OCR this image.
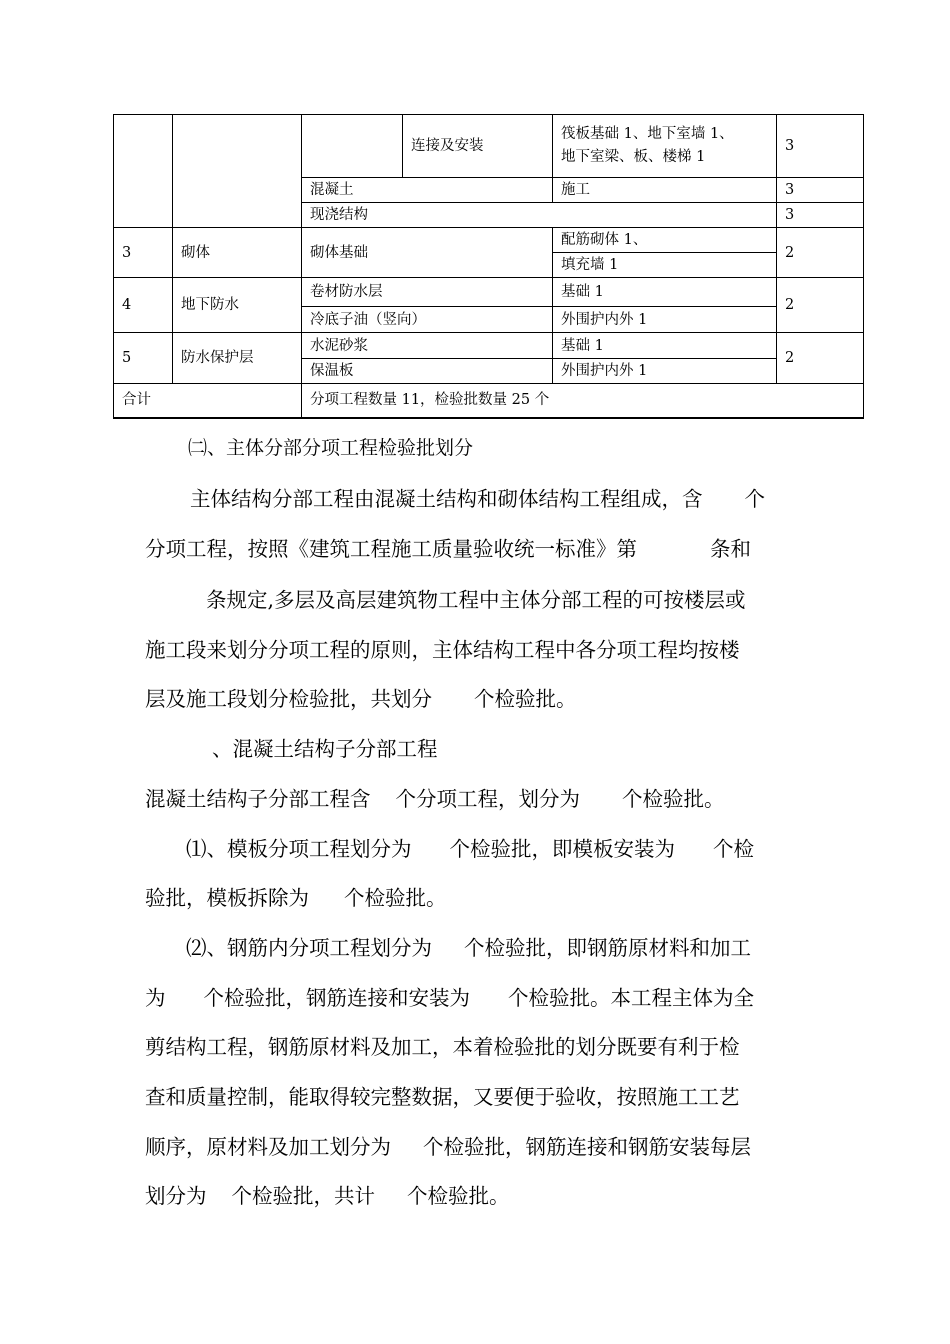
			连接及安装	筏板基础 1、地下室墙 1、
地下室梁、板、楼梯 1	3
		混凝土		施工	3
		现浇结构			3
3	砌体	砌体基础		配筋砌体 1、	2
				填充墙 1	
4	地下防水	卷材防水层		基础 1	2
		冷底子油（竖向）		外围护内外 1	
5	防水保护层	水泥砂浆		基础 1	2
		保温板		外围护内外 1	
合计		分项工程数量 11，检验批数量 25 个			
㈡、主体分部分项工程检验批划分
主体结构分部工程由混凝土结构和砌体结构工程组成，含 个
分项工程，按照《建筑工程施工质量验收统一标准》第	条和
条规定,多层及高层建筑物工程中主体分部工程的可按楼层或
施工段来划分分项工程的原则，主体结构工程中各分项工程均按楼
层及施工段划分检验批，共划分 个检验批。
、混凝土结构子分部工程
混凝土结构子分部工程含 个分项工程，划分为 个检验批。
⑴、模板分项工程划分为 个检验批，即模板安装为 个检
验批，模板拆除为 个检验批。
⑵、钢筋内分项工程划分为 个检验批，即钢筋原材料和加工
为 个检验批，钢筋连接和安装为 个检验批。本工程主体为全
剪结构工程，钢筋原材料及加工，本着检验批的划分既要有利于检
查和质量控制，能取得较完整数据，又要便于验收，按照施工工艺
顺序，原材料及加工划分为 个检验批，钢筋连接和钢筋安装每层
划分为 个检验批，共计 个检验批。
